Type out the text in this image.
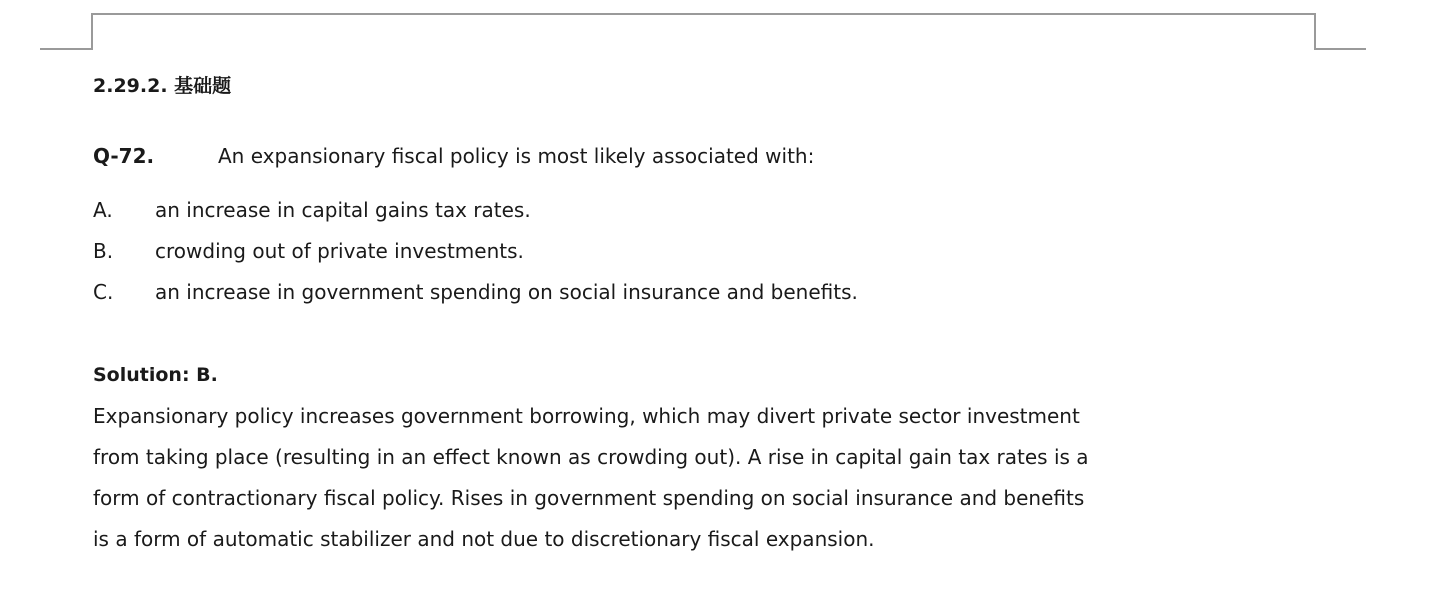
2.29.2. 基础题
Q-72.	An expansionary fiscal policy is most likely associated with:
A. an increase in capital gains tax rates.
B. crowding out of private investments.
C. an increase in government spending on social insurance and benefits.
Solution: B.
Expansionary policy increases government borrowing, which may divert private sector investment
from taking place (resulting in an effect known as crowding out). A rise in capital gain tax rates is a
form of contractionary fiscal policy. Rises in government spending on social insurance and benefits
is a form of automatic stabilizer and not due to discretionary fiscal expansion.
